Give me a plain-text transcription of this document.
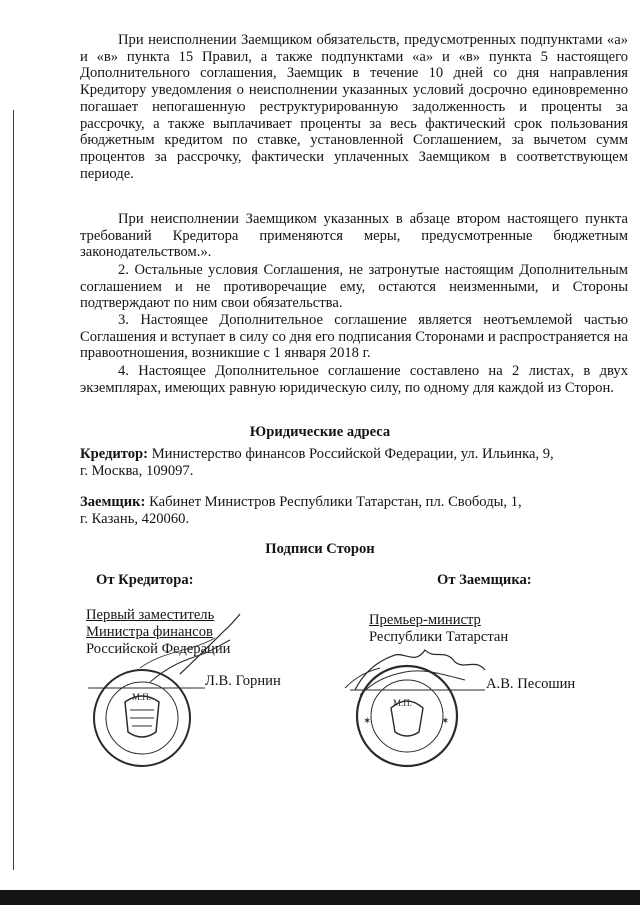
При неисполнении Заемщиком обязательств, предусмотренных подпунктами «а» и «в» пункта 15 Правил, а также подпунктами «а» и «в» пункта 5 настоящего Дополнительного соглашения, Заемщик в течение 10 дней со дня направления Кредитору уведомления о неисполнении указанных условий досрочно единовременно погашает непогашенную реструктурированную задолженность и проценты за рассрочку, а также выплачивает проценты за весь фактический срок пользования бюджетным кредитом по ставке, установленной Соглашением, за вычетом сумм процентов за рассрочку, фактически уплаченных Заемщиком в соответствующем периоде.

При неисполнении Заемщиком указанных в абзаце втором настоящего пункта требований Кредитора применяются меры, предусмотренные бюджетным законодательством.».

2. Остальные условия Соглашения, не затронутые настоящим Дополнительным соглашением и не противоречащие ему, остаются неизменными, и Стороны подтверждают по ним свои обязательства.

3. Настоящее Дополнительное соглашение является неотъемлемой частью Соглашения и вступает в силу со дня его подписания Сторонами и распространяется на правоотношения, возникшие с 1 января 2018 г.

4. Настоящее Дополнительное соглашение составлено на 2 листах, в двух экземплярах, имеющих равную юридическую силу, по одному для каждой из Сторон.

Юридические адреса
Кредитор: Министерство финансов Российской Федерации, ул. Ильинка, 9,
г. Москва, 109097.
Заемщик: Кабинет Министров Республики Татарстан, пл. Свободы, 1,
г. Казань, 420060.
Подписи Сторон
От Кредитора:	От Заемщика:
Первый заместитель
Министра финансов
Российской Федерации
Л.В. Горнин
М.П.
Премьер-министр
Республики Татарстан
А.В. Песошин
М.П.
✶	✶
